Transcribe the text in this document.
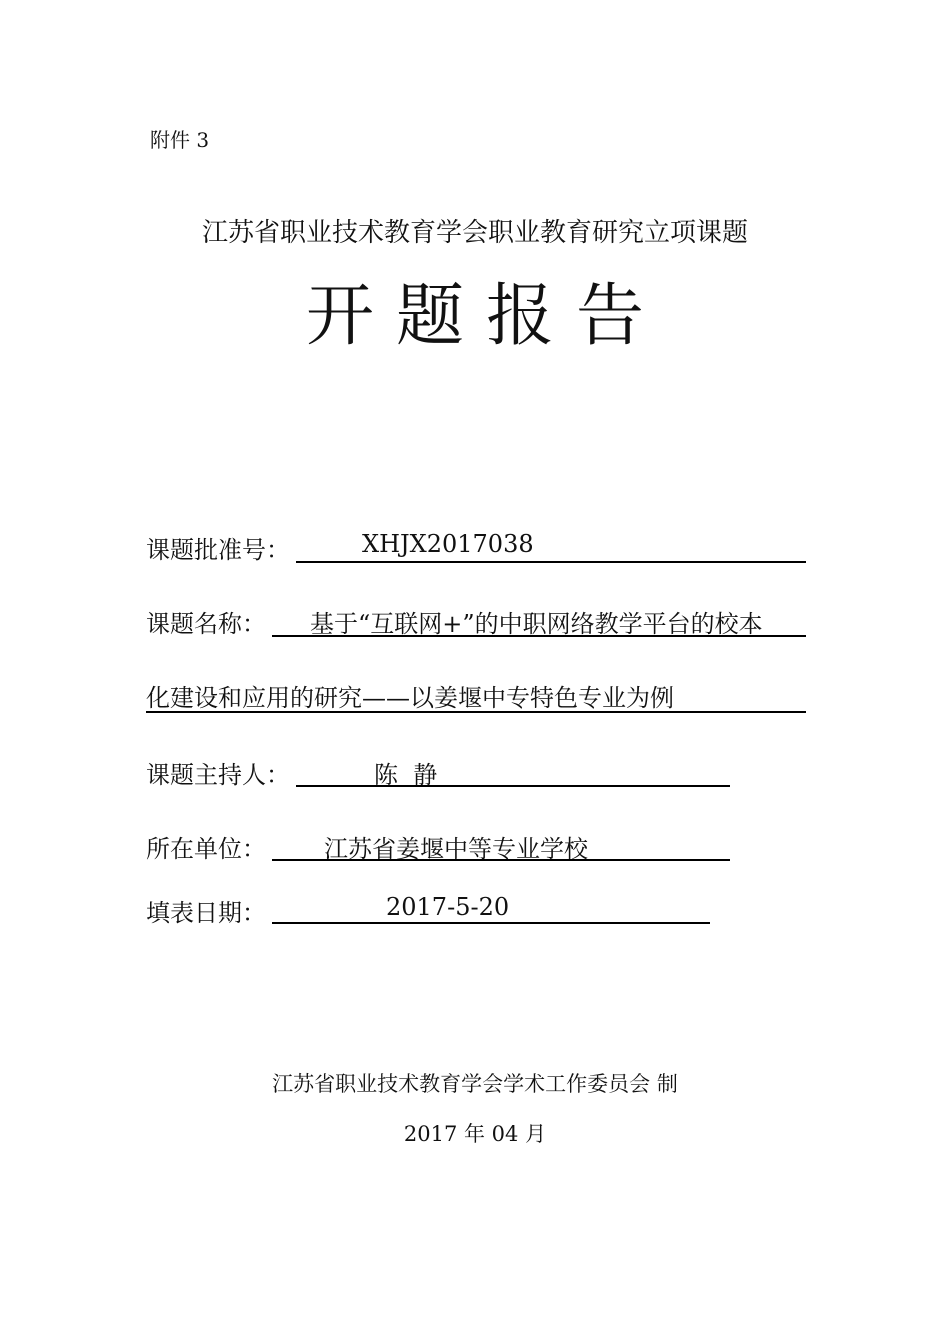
附件 3
江苏省职业技术教育学会职业教育研究立项课题
开题报告
课题批准号：	XHJX2017038
课题名称： 基于“互联网+”的中职网络教学平台的校本
化建设和应用的研究——以姜堰中专特色专业为例
课题主持人：	陈  静
所在单位： 江苏省姜堰中等专业学校
填表日期：	2017-5-20
江苏省职业技术教育学会学术工作委员会 制
2017 年 04 月
